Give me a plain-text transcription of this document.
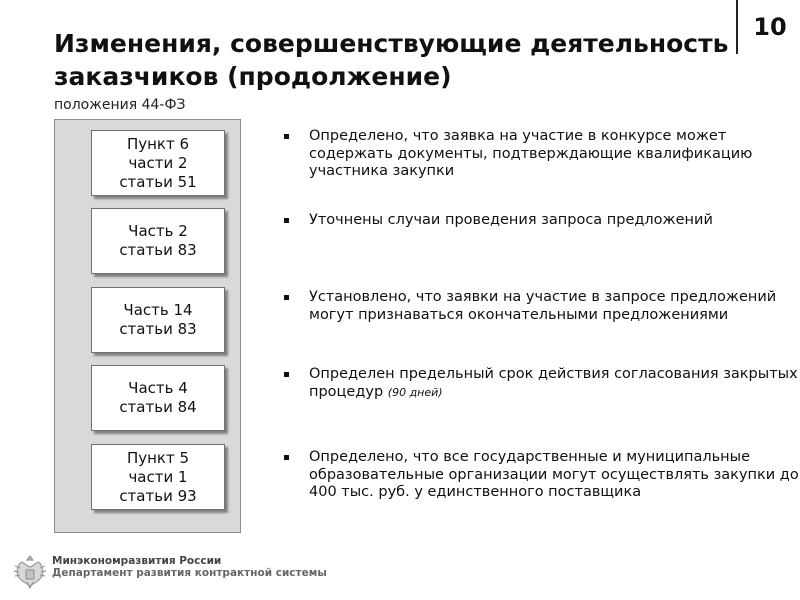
Изменения, совершенствующие деятельность заказчиков (продолжение)
10
положения 44-ФЗ
Пункт 6
части 2
статьи 51
Часть 2
статьи 83
Часть 14
статьи 83
Часть 4
статьи 84
Пункт 5
части 1
статьи 93
Определено, что заявка на участие в конкурсе может содержать документы, подтверждающие квалификацию участника закупки
Уточнены случаи проведения запроса предложений
Установлено, что заявки на участие в запросе предложений могут признаваться окончательными предложениями
Определен предельный срок действия согласования закрытых процедур (90 дней)
Определено, что все государственные и муниципальные образовательные организации могут осуществлять закупки до 400 тыс. руб. у единственного поставщика
Минэкономразвития России
Департамент развития контрактной системы
